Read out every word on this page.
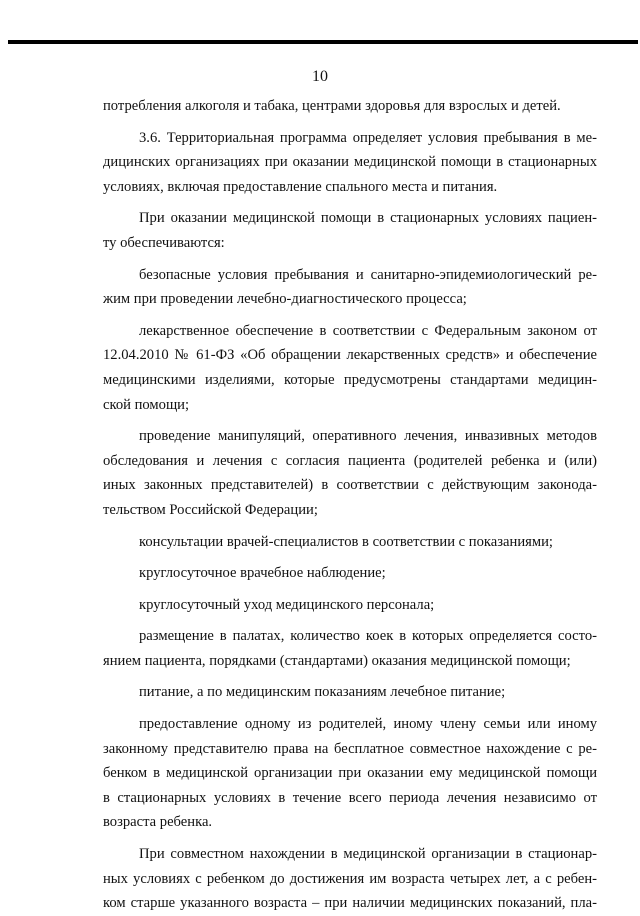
10
потребления алкоголя и табака, центрами здоровья для взрослых и детей.
3.6. Территориальная программа определяет условия пребывания в ме-
дицинских организациях при оказании медицинской помощи в стационарных
условиях, включая предоставление спального места и питания.
При оказании медицинской помощи в стационарных условиях пациен-
ту обеспечиваются:
безопасные условия пребывания и санитарно-эпидемиологический ре-
жим при проведении лечебно-диагностического процесса;
лекарственное обеспечение в соответствии с Федеральным законом от
12.04.2010 № 61-ФЗ «Об обращении лекарственных средств» и обеспечение
медицинскими изделиями, которые предусмотрены стандартами медицин-
ской помощи;
проведение манипуляций, оперативного лечения, инвазивных методов
обследования и лечения с согласия пациента (родителей ребенка и (или)
иных законных представителей) в соответствии с действующим законода-
тельством Российской Федерации;
консультации врачей-специалистов в соответствии с показаниями;
круглосуточное врачебное наблюдение;
круглосуточный уход медицинского персонала;
размещение в палатах, количество коек в которых определяется состо-
янием пациента, порядками (стандартами) оказания медицинской помощи;
питание, а по медицинским показаниям лечебное питание;
предоставление одному из родителей, иному члену семьи или иному
законному представителю права на бесплатное совместное нахождение с ре-
бенком в медицинской организации при оказании ему медицинской помощи
в стационарных условиях в течение всего периода лечения независимо от
возраста ребенка.
При совместном нахождении в медицинской организации в стационар-
ных условиях с ребенком до достижения им возраста четырех лет, а с ребен-
ком старше указанного возраста – при наличии медицинских показаний, пла-
